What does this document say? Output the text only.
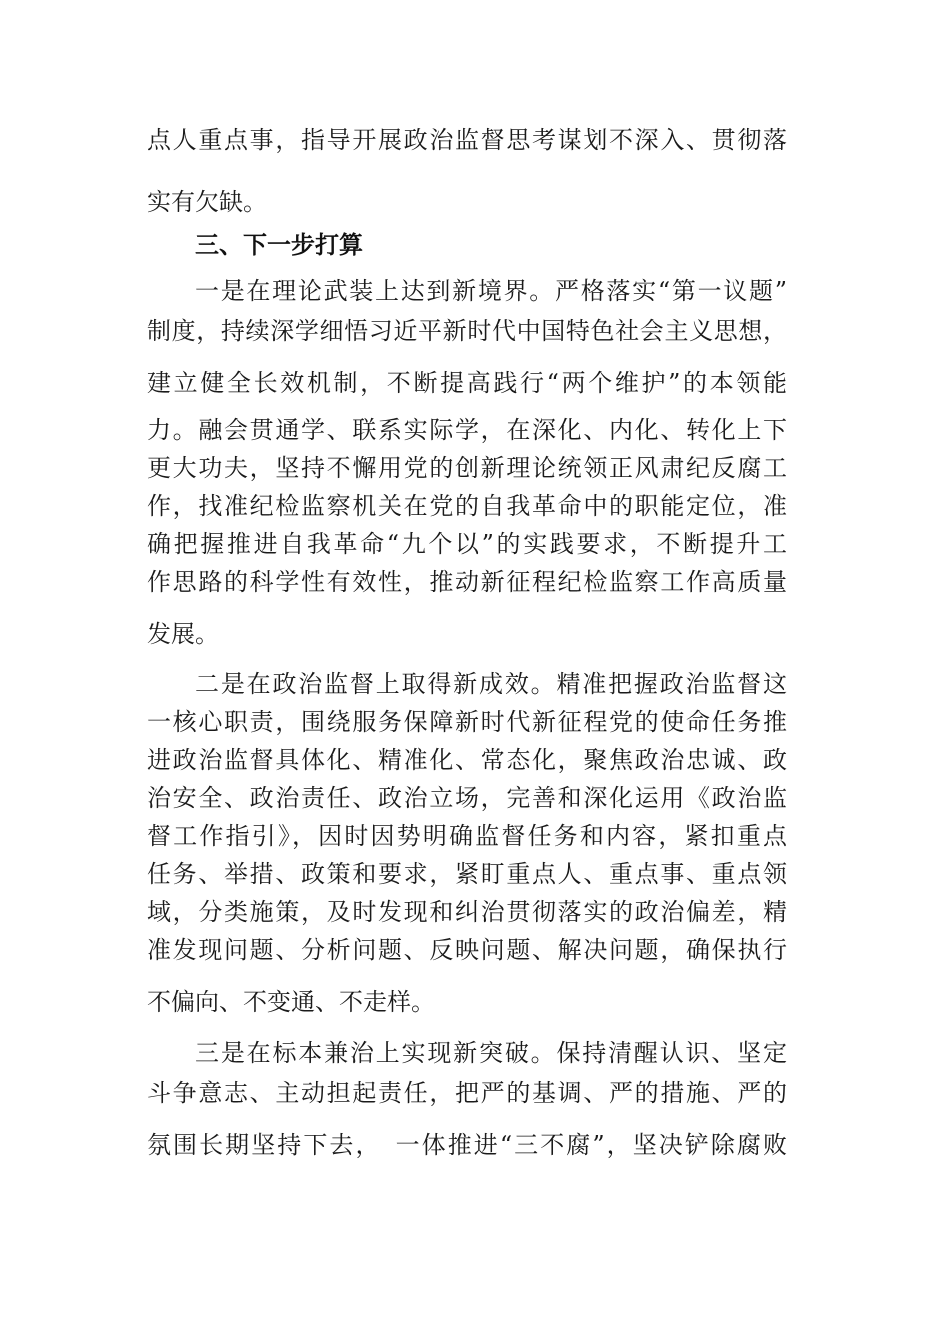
点人重点事，指导开展政治监督思考谋划不深入、贯彻落
实有欠缺。
三、下一步打算
一是在理论武装上达到新境界。严格落实“第一议题”
制度，持续深学细悟习近平新时代中国特色社会主义思想，
建立健全长效机制，不断提高践行“两个维护”的本领能
力。融会贯通学、联系实际学，在深化、内化、转化上下
更大功夫，坚持不懈用党的创新理论统领正风肃纪反腐工
作，找准纪检监察机关在党的自我革命中的职能定位，准
确把握推进自我革命“九个以”的实践要求，不断提升工
作思路的科学性有效性，推动新征程纪检监察工作高质量
发展。
二是在政治监督上取得新成效。精准把握政治监督这
一核心职责，围绕服务保障新时代新征程党的使命任务推
进政治监督具体化、精准化、常态化，聚焦政治忠诚、政
治安全、政治责任、政治立场，完善和深化运用《政治监
督工作指引》，因时因势明确监督任务和内容，紧扣重点
任务、举措、政策和要求，紧盯重点人、重点事、重点领
域，分类施策，及时发现和纠治贯彻落实的政治偏差，精
准发现问题、分析问题、反映问题、解决问题，确保执行
不偏向、不变通、不走样。
三是在标本兼治上实现新突破。保持清醒认识、坚定
斗争意志、主动担起责任，把严的基调、严的措施、严的
氛围长期坚持下去，　一体推进“三不腐”，坚决铲除腐败
